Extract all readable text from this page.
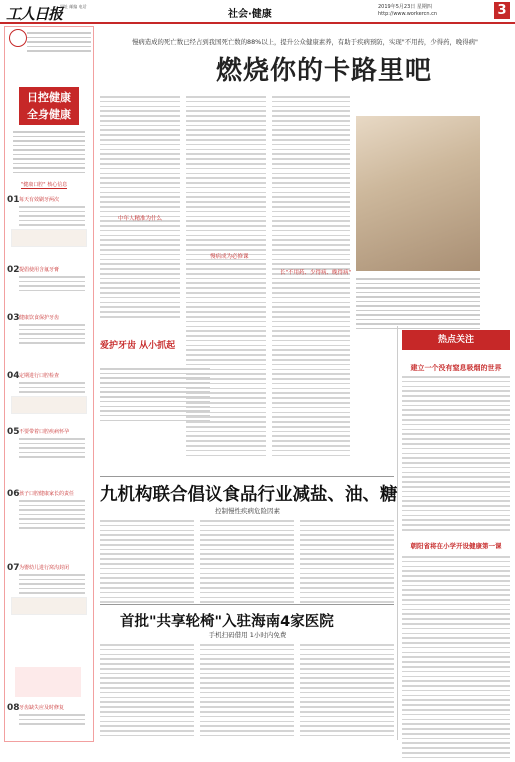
工人日报
网址 邮编 电话
社会·健康
2019年5月23日 星期四
http://www.workercn.cn	3
日控健康
全身健康
"健康口腔" 核心信息
01 每天有效刷牙两次
02 提倡使用含氟牙膏
03 健康饮食保护牙齿
04 定期进行口腔检查
05 不要带着口腔疾病怀孕
06 孩子口腔健康家长的责任
07 为婴幼儿进行窝沟封闭
08 牙齿缺失应及时修复
慢病造成的死亡数已经占到我国死亡数的88%以上，提升公众健康素养，有助于疾病预防，实现"不用药，少得药，晚得病"
燃烧你的卡路里吧
中年人精准为什么
慢病成为必修课
长"不用药、少得病、晚得病"
爱护牙齿 从小抓起
热点关注
建立一个没有窒息吸烟的世界
朝阳省将在小学开设健康第一课
九机构联合倡议食品行业减盐、油、糖
控制慢性疾病危险因素
首批"共享轮椅"入驻海南4家医院
手机扫码借用 1小时内免费
